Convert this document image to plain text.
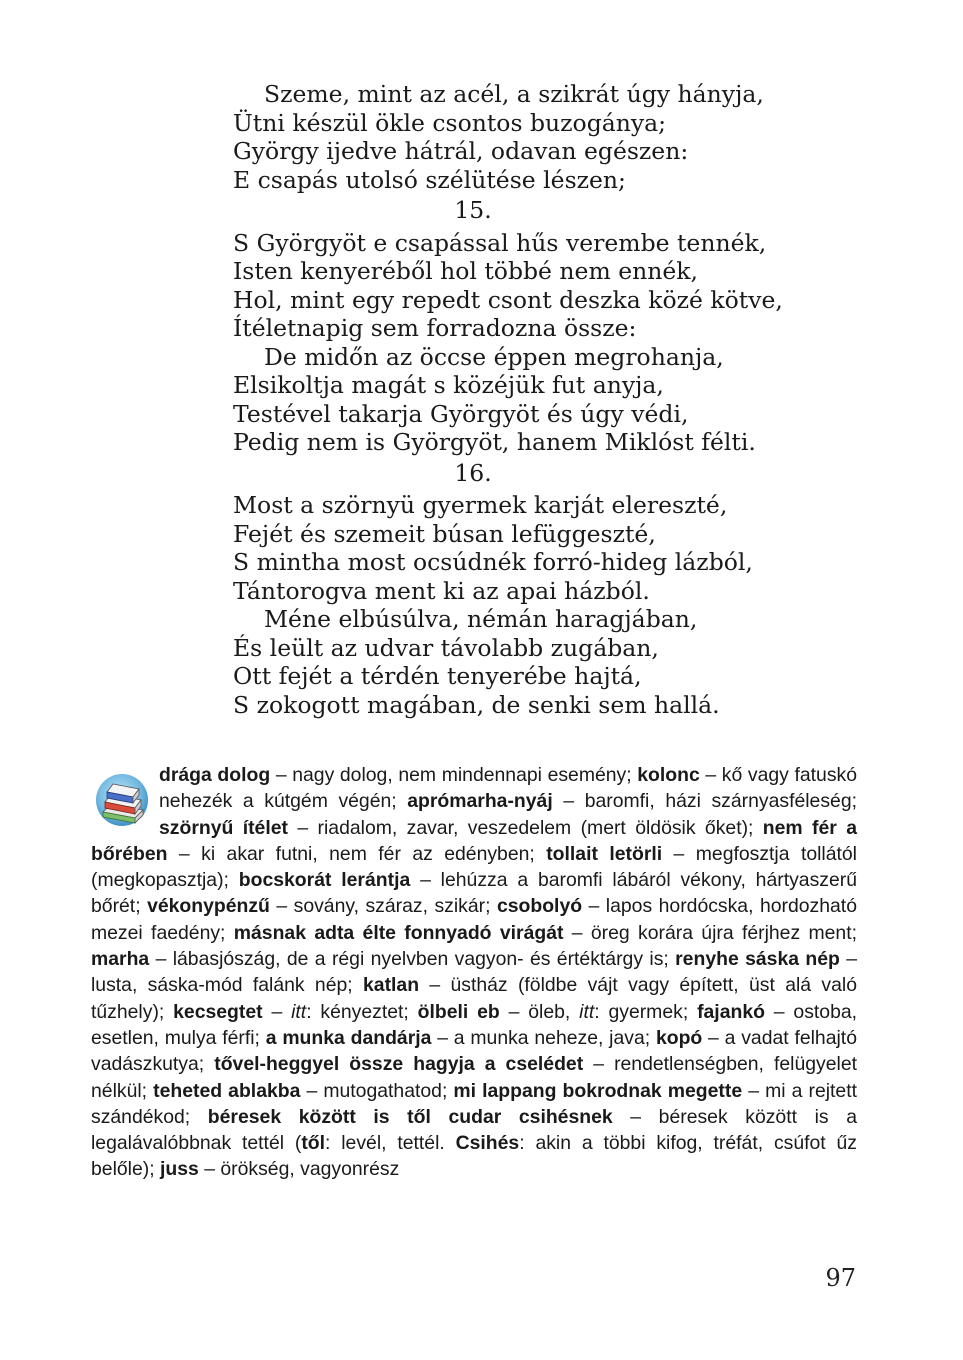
Szeme, mint az acél, a szikrát úgy hányja,
Ütni készül ökle csontos buzogánya;
György ijedve hátrál, odavan egészen:
E csapás utolsó szélütése lészen;
15.
S Györgyöt e csapással hűs verembe tennék,
Isten kenyeréből hol többé nem ennék,
Hol, mint egy repedt csont deszka közé kötve,
Ítéletnapig sem forradozna össze:
De midőn az öccse éppen megrohanja,
Elsikoltja magát s közéjük fut anyja,
Testével takarja Györgyöt és úgy védi,
Pedig nem is Györgyöt, hanem Miklóst félti.
16.
Most a szörnyü gyermek karját elereszté,
Fejét és szemeit búsan lefüggeszté,
S mintha most ocsúdnék forró-hideg lázból,
Tántorogva ment ki az apai házból.
Méne elbúsúlva, némán haragjában,
És leült az udvar távolabb zugában,
Ott fejét a térdén tenyerébe hajtá,
S zokogott magában, de senki sem hallá.
drága dolog – nagy dolog, nem mindennapi esemény; kolonc – kő vagy fatuskó nehezék a kútgém végén; aprómarha-nyáj – baromfi, házi szárnyasféleség; szörnyű ítélet – riadalom, zavar, veszedelem (mert öldösik őket); nem fér a bőrében – ki akar futni, nem fér az edényben; tollait letörli – megfosztja tollától (megkopasztja); bocskorát lerántja – lehúzza a baromfi lábáról vékony, hártyaszerű bőrét; vékonypénzű – sovány, száraz, szikár; csobolyó – lapos hordócska, hordozható mezei faedény; másnak adta élte fonnyadó virágát – öreg korára újra férjhez ment; marha – lábasjószág, de a régi nyelvben vagyon- és értéktárgy is; renyhe sáska nép – lusta, sáska-mód falánk nép; katlan – üstház (földbe vájt vagy épített, üst alá való tűzhely); kecsegtet – itt: kényeztet; ölbeli eb – öleb, itt: gyermek; fajankó – ostoba, esetlen, mulya férfi; a munka dandárja – a munka neheze, java; kopó – a vadat felhajtó vadászkutya; tővel-heggyel össze hagyja a cselédet – rendetlenségben, felügyelet nélkül; teheted ablakba – mutogathatod; mi lappang bokrodnak megette – mi a rejtett szándékod; béresek között is től cudar csihésnek – béresek között is a legalávalóbbnak tettél (től: levél, tettél. Csihés: akin a többi kifog, tréfát, csúfot űz belőle); juss – örökség, vagyonrész
97
